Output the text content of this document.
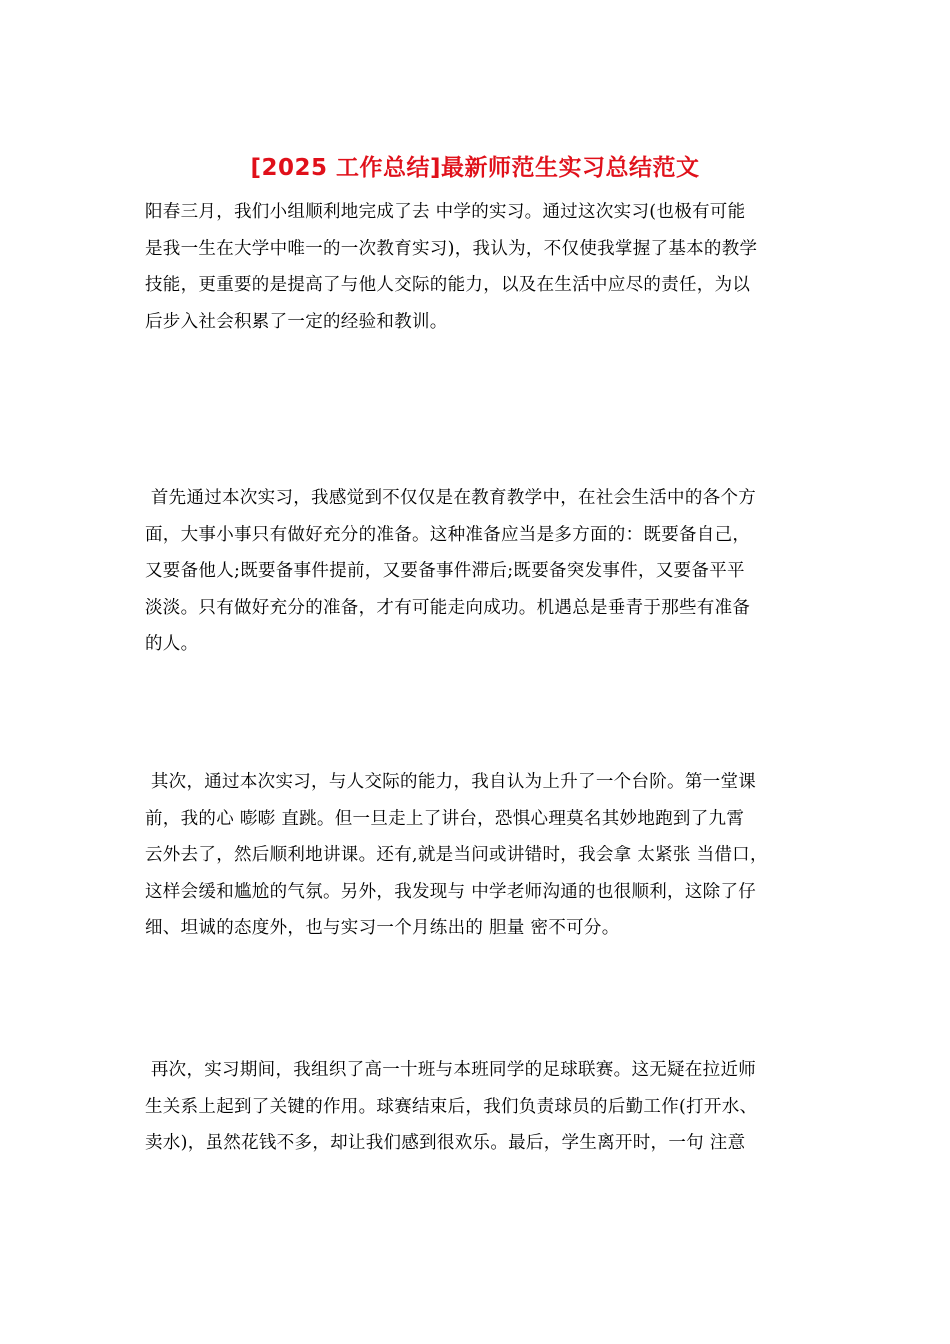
[2025 工作总结]最新师范生实习总结范文
阳春三月，我们小组顺利地完成了去 中学的实习。通过这次实习(也极有可能
是我一生在大学中唯一的一次教育实习)，我认为，不仅使我掌握了基本的教学
技能，更重要的是提高了与他人交际的能力，以及在生活中应尽的责任，为以
后步入社会积累了一定的经验和教训。
首先通过本次实习，我感觉到不仅仅是在教育教学中，在社会生活中的各个方
面，大事小事只有做好充分的准备。这种准备应当是多方面的：既要备自己，
又要备他人;既要备事件提前，又要备事件滞后;既要备突发事件，又要备平平
淡淡。只有做好充分的准备，才有可能走向成功。机遇总是垂青于那些有准备
的人。
其次，通过本次实习，与人交际的能力，我自认为上升了一个台阶。第一堂课
前，我的心 嘭嘭 直跳。但一旦走上了讲台，恐惧心理莫名其妙地跑到了九霄
云外去了，然后顺利地讲课。还有,就是当问或讲错时，我会拿 太紧张 当借口，
这样会缓和尴尬的气氛。另外，我发现与 中学老师沟通的也很顺利，这除了仔
细、坦诚的态度外，也与实习一个月练出的 胆量 密不可分。
再次，实习期间，我组织了高一十班与本班同学的足球联赛。这无疑在拉近师
生关系上起到了关键的作用。球赛结束后，我们负责球员的后勤工作(打开水、
卖水)，虽然花钱不多，却让我们感到很欢乐。最后，学生离开时，一句 注意
